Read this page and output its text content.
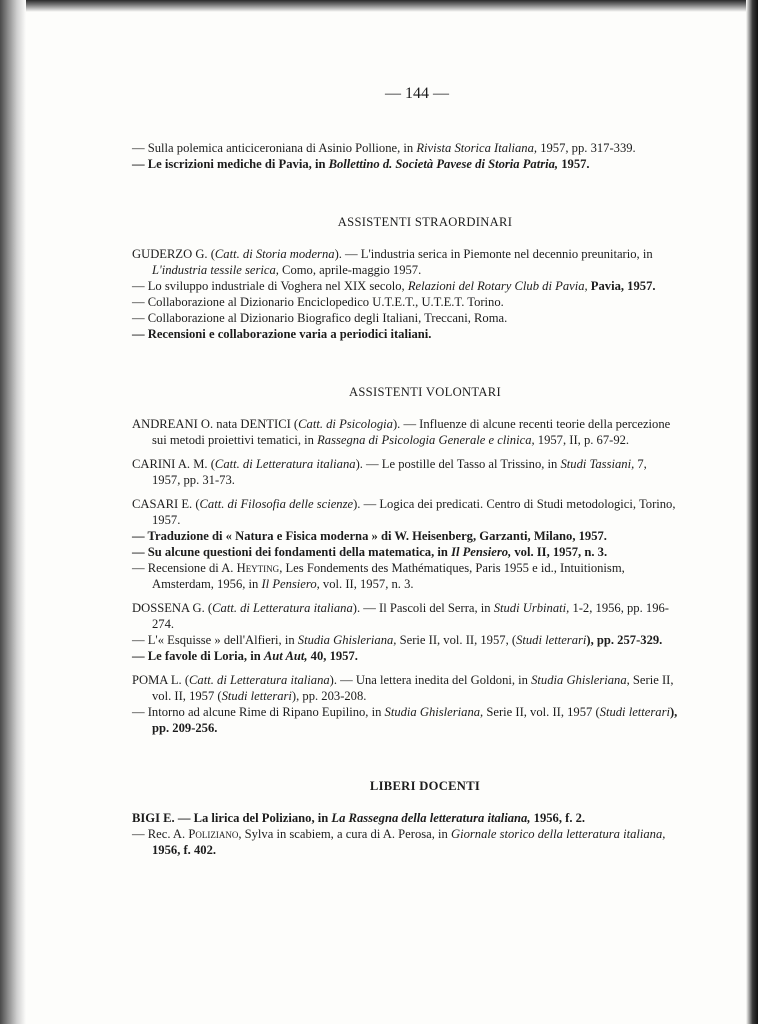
— 144 —

— Sulla polemica anticiceroniana di Asinio Pollione, in Rivista Storica Italiana, 1957, pp. 317-339.

— Le iscrizioni mediche di Pavia, in Bollettino d. Società Pavese di Storia Patria, 1957.

ASSISTENTI STRAORDINARI

GUDERZO G. (Catt. di Storia moderna). — L'industria serica in Piemonte nel decennio preunitario, in L'industria tessile serica, Como, aprile-maggio 1957.

— Lo sviluppo industriale di Voghera nel XIX secolo, Relazioni del Rotary Club di Pavia, Pavia, 1957.

— Collaborazione al Dizionario Enciclopedico U.T.E.T., U.T.E.T. Torino.

— Collaborazione al Dizionario Biografico degli Italiani, Treccani, Roma.

— Recensioni e collaborazione varia a periodici italiani.

ASSISTENTI VOLONTARI

ANDREANI O. nata DENTICI (Catt. di Psicologia). — Influenze di alcune recenti teorie della percezione sui metodi proiettivi tematici, in Rassegna di Psicologia Generale e clinica, 1957, II, p. 67-92.

CARINI A. M. (Catt. di Letteratura italiana). — Le postille del Tasso al Trissino, in Studi Tassiani, 7, 1957, pp. 31-73.

CASARI E. (Catt. di Filosofia delle scienze). — Logica dei predicati. Centro di Studi metodologici, Torino, 1957.

— Traduzione di « Natura e Fisica moderna » di W. Heisenberg, Garzanti, Milano, 1957.

— Su alcune questioni dei fondamenti della matematica, in Il Pensiero, vol. II, 1957, n. 3.

— Recensione di A. Heyting, Les Fondements des Mathématiques, Paris 1955 e id., Intuitionism, Amsterdam, 1956, in Il Pensiero, vol. II, 1957, n. 3.

DOSSENA G. (Catt. di Letteratura italiana). — Il Pascoli del Serra, in Studi Urbinati, 1-2, 1956, pp. 196-274.

— L'« Esquisse » dell'Alfieri, in Studia Ghisleriana, Serie II, vol. II, 1957, (Studi letterari), pp. 257-329.

— Le favole di Loria, in Aut Aut, 40, 1957.

POMA L. (Catt. di Letteratura italiana). — Una lettera inedita del Goldoni, in Studia Ghisleriana, Serie II, vol. II, 1957 (Studi letterari), pp. 203-208.

— Intorno ad alcune Rime di Ripano Eupilino, in Studia Ghisleriana, Serie II, vol. II, 1957 (Studi letterari), pp. 209-256.

LIBERI DOCENTI

BIGI E. — La lirica del Poliziano, in La Rassegna della letteratura italiana, 1956, f. 2.

— Rec. A. Poliziano, Sylva in scabiem, a cura di A. Perosa, in Giornale storico della letteratura italiana, 1956, f. 402.
